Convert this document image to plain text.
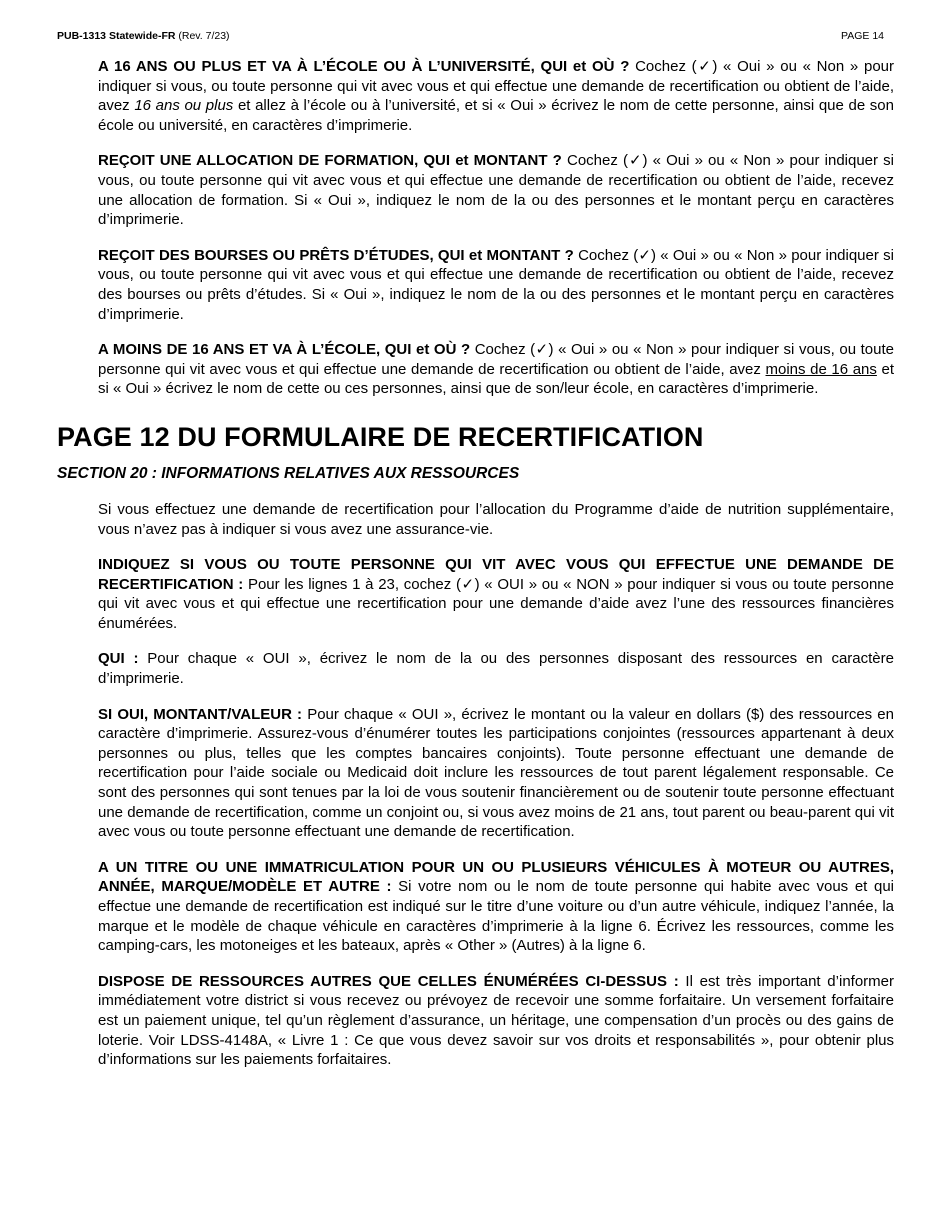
PUB-1313 Statewide-FR (Rev. 7/23)	PAGE 14

A 16 ANS OU PLUS ET VA À L’ÉCOLE OU À L’UNIVERSITÉ, QUI et OÙ ? Cochez (✓) « Oui » ou « Non » pour indiquer si vous, ou toute personne qui vit avec vous et qui effectue une demande de recertification ou obtient de l’aide, avez 16 ans ou plus et allez à l’école ou à l’université, et si « Oui » écrivez le nom de cette personne, ainsi que de son école ou université, en caractères d’imprimerie.

REÇOIT UNE ALLOCATION DE FORMATION, QUI et MONTANT ? Cochez (✓) « Oui » ou « Non » pour indiquer si vous, ou toute personne qui vit avec vous et qui effectue une demande de recertification ou obtient de l’aide, recevez une allocation de formation. Si « Oui », indiquez le nom de la ou des personnes et le montant perçu en caractères d’imprimerie.

REÇOIT DES BOURSES OU PRÊTS D’ÉTUDES, QUI et MONTANT ? Cochez (✓) « Oui » ou « Non » pour indiquer si vous, ou toute personne qui vit avec vous et qui effectue une demande de recertification ou obtient de l’aide, recevez des bourses ou prêts d’études. Si « Oui », indiquez le nom de la ou des personnes et le montant perçu en caractères d’imprimerie.

A MOINS DE 16 ANS ET VA À L’ÉCOLE, QUI et OÙ ? Cochez (✓) « Oui » ou « Non » pour indiquer si vous, ou toute personne qui vit avec vous et qui effectue une demande de recertification ou obtient de l’aide, avez moins de 16 ans et si « Oui » écrivez le nom de cette ou ces personnes, ainsi que de son/leur école, en caractères d’imprimerie.

PAGE 12 DU FORMULAIRE DE RECERTIFICATION
SECTION 20 : INFORMATIONS RELATIVES AUX RESSOURCES

Si vous effectuez une demande de recertification pour l’allocation du Programme d’aide de nutrition supplémentaire, vous n’avez pas à indiquer si vous avez une assurance-vie.

INDIQUEZ SI VOUS OU TOUTE PERSONNE QUI VIT AVEC VOUS QUI EFFECTUE UNE DEMANDE DE RECERTIFICATION : Pour les lignes 1 à 23, cochez (✓) « OUI » ou « NON » pour indiquer si vous ou toute personne qui vit avec vous et qui effectue une recertification pour une demande d’aide avez l’une des ressources financières énumérées.

QUI : Pour chaque « OUI », écrivez le nom de la ou des personnes disposant des ressources en caractère d’imprimerie.

SI OUI, MONTANT/VALEUR : Pour chaque « OUI », écrivez le montant ou la valeur en dollars ($) des ressources en caractère d’imprimerie. Assurez-vous d’énumérer toutes les participations conjointes (ressources appartenant à deux personnes ou plus, telles que les comptes bancaires conjoints). Toute personne effectuant une demande de recertification pour l’aide sociale ou Medicaid doit inclure les ressources de tout parent légalement responsable. Ce sont des personnes qui sont tenues par la loi de vous soutenir financièrement ou de soutenir toute personne effectuant une demande de recertification, comme un conjoint ou, si vous avez moins de 21 ans, tout parent ou beau-parent qui vit avec vous ou toute personne effectuant une demande de recertification.

A UN TITRE OU UNE IMMATRICULATION POUR UN OU PLUSIEURS VÉHICULES À MOTEUR OU AUTRES, ANNÉE, MARQUE/MODÈLE ET AUTRE : Si votre nom ou le nom de toute personne qui habite avec vous et qui effectue une demande de recertification est indiqué sur le titre d’une voiture ou d’un autre véhicule, indiquez l’année, la marque et le modèle de chaque véhicule en caractères d’imprimerie à la ligne 6. Écrivez les ressources, comme les camping-cars, les motoneiges et les bateaux, après « Other » (Autres) à la ligne 6.

DISPOSE DE RESSOURCES AUTRES QUE CELLES ÉNUMÉRÉES CI-DESSUS : Il est très important d’informer immédiatement votre district si vous recevez ou prévoyez de recevoir une somme forfaitaire. Un versement forfaitaire est un paiement unique, tel qu’un règlement d’assurance, un héritage, une compensation d’un procès ou des gains de loterie. Voir LDSS-4148A, « Livre 1 : Ce que vous devez savoir sur vos droits et responsabilités », pour obtenir plus d’informations sur les paiements forfaitaires.
